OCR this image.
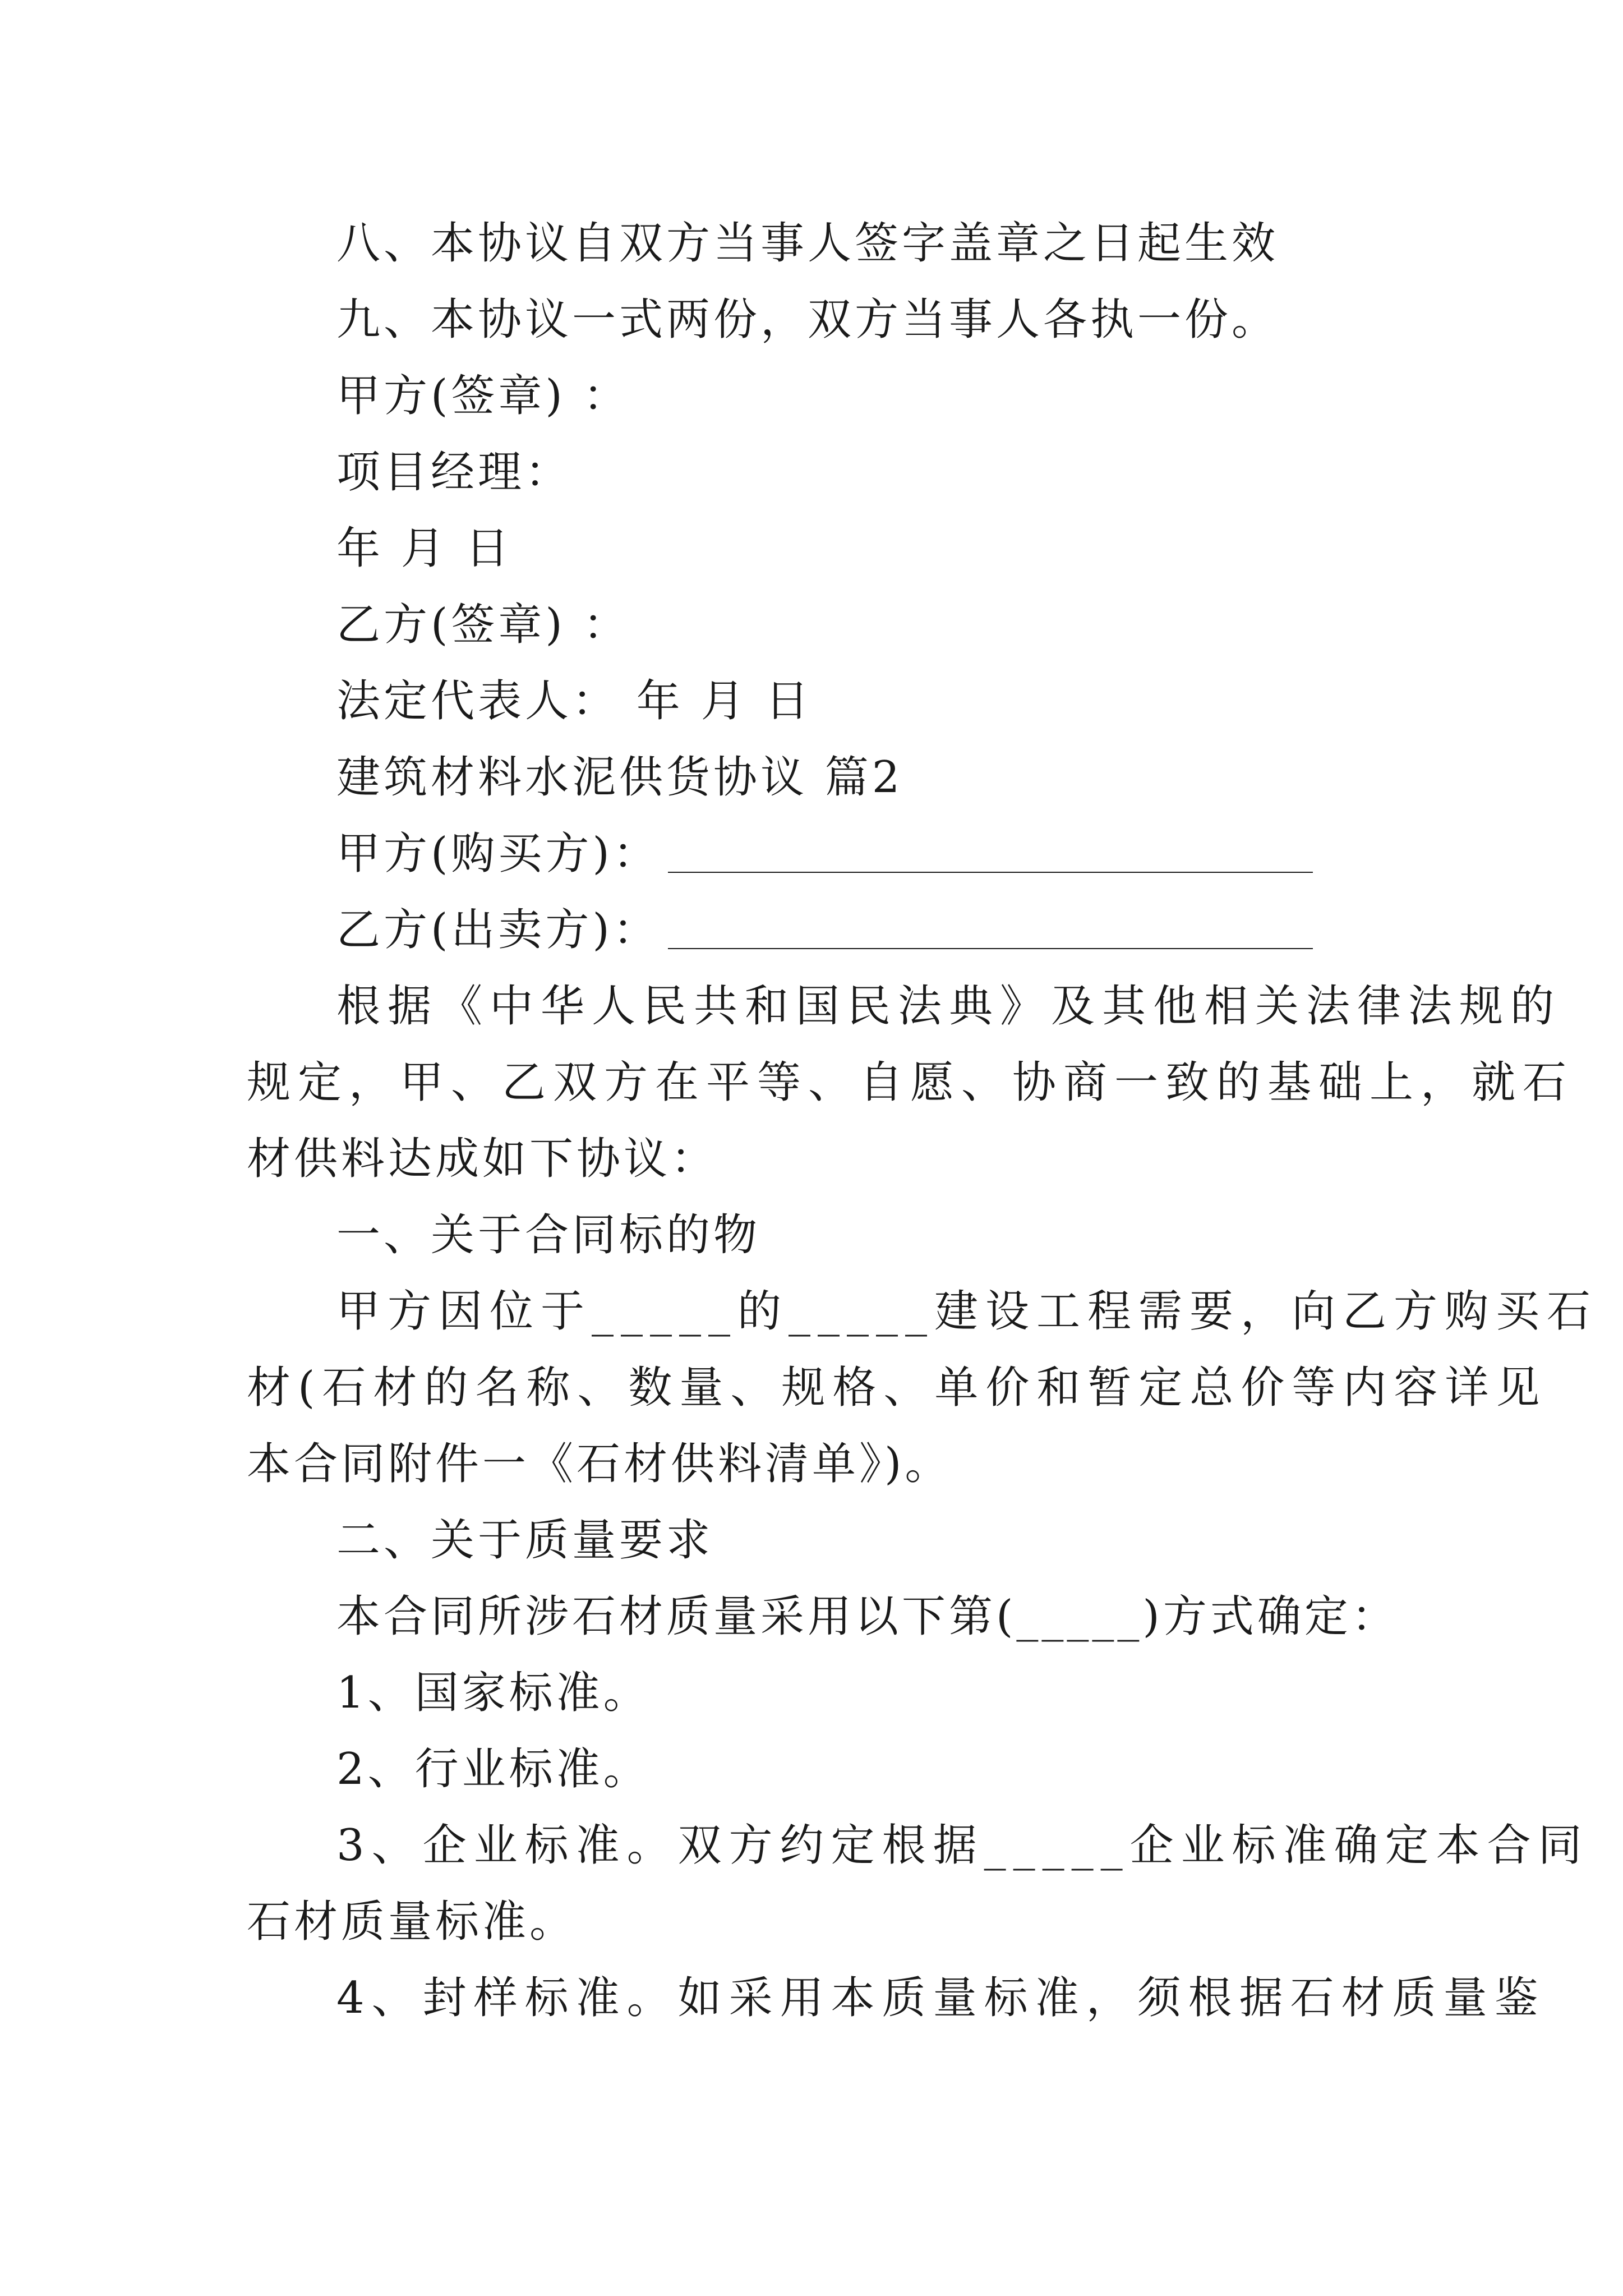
八、本协议自双方当事人签字盖章之日起生效
九、本协议一式两份，双方当事人各执一份。
甲方(签章) ：
项目经理：
年 月 日
乙方(签章) ：
法定代表人： 年 月 日
建筑材料水泥供货协议 篇2
甲方(购买方)：
乙方(出卖方)：
根据《中华人民共和国民法典》及其他相关法律法规的
规定，甲、乙双方在平等、自愿、协商一致的基础上，就石
材供料达成如下协议：
一、关于合同标的物
甲方因位于_____的_____建设工程需要，向乙方购买石
材(石材的名称、数量、规格、单价和暂定总价等内容详见
本合同附件一《石材供料清单》)。
二、关于质量要求
本合同所涉石材质量采用以下第(_____)方式确定：
1、国家标准。
2、行业标准。
3、企业标准。双方约定根据_____企业标准确定本合同
石材质量标准。
4、封样标准。如采用本质量标准，须根据石材质量鉴
